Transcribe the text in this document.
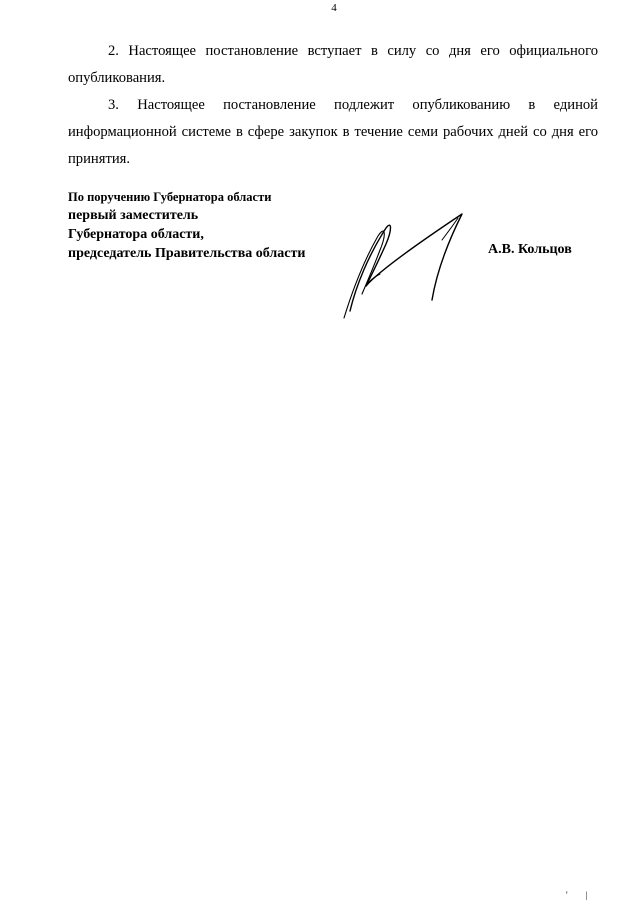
4

2. Настоящее постановление вступает в силу со дня его официального опубликования.

3. Настоящее постановление подлежит опубликованию в единой информационной системе в сфере закупок в течение семи рабочих дней со дня его принятия.

По поручению Губернатора области
первый заместитель
Губернатора области,
председатель Правительства области	А.В. Кольцов
' |
